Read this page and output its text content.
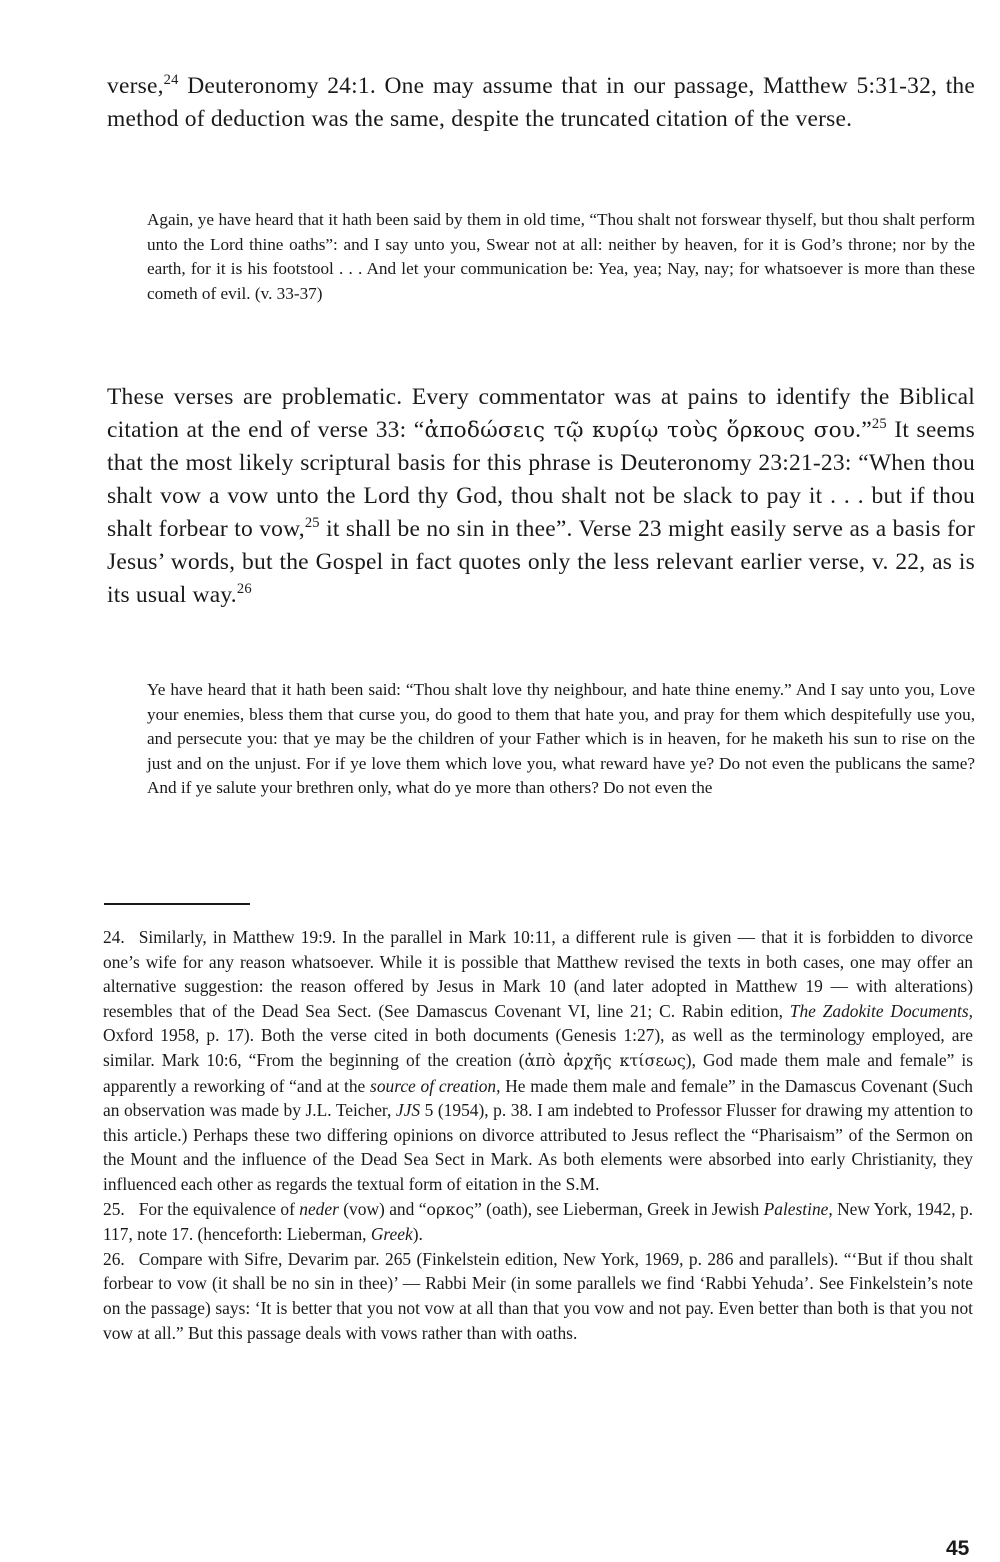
verse,$^{24}$ Deuteronomy 24:1. One may assume that in our passage, Matthew 5:31-32, the method of deduction was the same, despite the truncated citation of the verse.

Again, ye have heard that it hath been said by them in old time, “Thou shalt not forswear thyself, but thou shalt perform unto the Lord thine oaths”: and I say unto you, Swear not at all: neither by heaven, for it is God’s throne; nor by the earth, for it is his footstool . . . And let your communication be: Yea, yea; Nay, nay; for whatsoever is more than these cometh of evil. (v. 33-37)

These verses are problematic. Every commentator was at pains to identify the Biblical citation at the end of verse 33: “ἀποδώσεις τῷ κυρίῳ τοὺς ὅρκους σου.”$^{25}$ It seems that the most likely scriptural basis for this phrase is Deuteronomy 23:21-23: “When thou shalt vow a vow unto the Lord thy God, thou shalt not be slack to pay it . . . but if thou shalt forbear to vow,$^{25}$ it shall be no sin in thee”. Verse 23 might easily serve as a basis for Jesus’ words, but the Gospel in fact quotes only the less relevant earlier verse, v. 22, as is its usual way.$^{26}$

Ye have heard that it hath been said: “Thou shalt love thy neighbour, and hate thine enemy.” And I say unto you, Love your enemies, bless them that curse you, do good to them that hate you, and pray for them which despitefully use you, and persecute you: that ye may be the children of your Father which is in heaven, for he maketh his sun to rise on the just and on the unjust. For if ye love them which love you, what reward have ye? Do not even the publicans the same? And if ye salute your brethren only, what do ye more than others? Do not even the

24. Similarly, in Matthew 19:9. In the parallel in Mark 10:11, a different rule is given — that it is forbidden to divorce one’s wife for any reason whatsoever. While it is possible that Matthew revised the texts in both cases, one may offer an alternative suggestion: the reason offered by Jesus in Mark 10 (and later adopted in Matthew 19 — with alterations) resembles that of the Dead Sea Sect. (See Damascus Covenant VI, line 21; C. Rabin edition, The Zadokite Documents, Oxford 1958, p. 17). Both the verse cited in both documents (Genesis 1:27), as well as the terminology employed, are similar. Mark 10:6, “From the beginning of the creation (ἀπὸ ἀρχῆς κτίσεως), God made them male and female” is apparently a reworking of “and at the source of creation, He made them male and female” in the Damascus Covenant (Such an observation was made by J.L. Teicher, JJS 5 (1954), p. 38. I am indebted to Professor Flusser for drawing my attention to this article.) Perhaps these two differing opinions on divorce attributed to Jesus reflect the “Pharisaism” of the Sermon on the Mount and the influence of the Dead Sea Sect in Mark. As both elements were absorbed into early Christianity, they influenced each other as regards the textual form of eitation in the S.M.

25. For the equivalence of neder (vow) and “ορκος” (oath), see Lieberman, Greek in Jewish Palestine, New York, 1942, p. 117, note 17. (henceforth: Lieberman, Greek).

26. Compare with Sifre, Devarim par. 265 (Finkelstein edition, New York, 1969, p. 286 and parallels). “‘But if thou shalt forbear to vow (it shall be no sin in thee)’ — Rabbi Meir (in some parallels we find ‘Rabbi Yehuda’. See Finkelstein’s note on the passage) says: ‘It is better that you not vow at all than that you vow and not pay. Even better than both is that you not vow at all.” But this passage deals with vows rather than with oaths.

45
